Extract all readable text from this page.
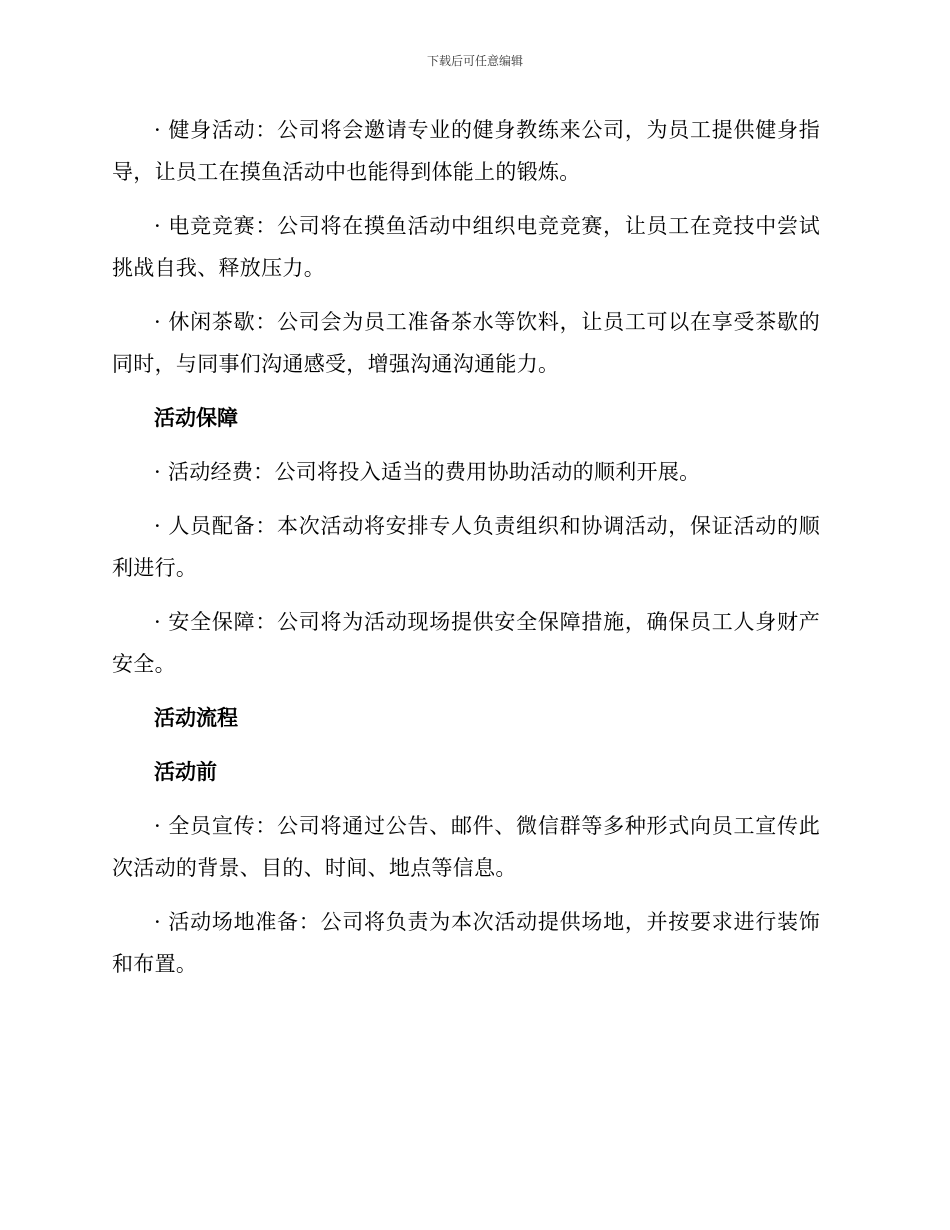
下载后可任意编辑

· 健身活动：公司将会邀请专业的健身教练来公司，为员工提供健身指导，让员工在摸鱼活动中也能得到体能上的锻炼。

· 电竞竞赛：公司将在摸鱼活动中组织电竞竞赛，让员工在竞技中尝试挑战自我、释放压力。

· 休闲茶歇：公司会为员工准备茶水等饮料，让员工可以在享受茶歇的同时，与同事们沟通感受，增强沟通沟通能力。

活动保障

· 活动经费：公司将投入适当的费用协助活动的顺利开展。

· 人员配备：本次活动将安排专人负责组织和协调活动，保证活动的顺利进行。

· 安全保障：公司将为活动现场提供安全保障措施，确保员工人身财产安全。

活动流程
活动前

· 全员宣传：公司将通过公告、邮件、微信群等多种形式向员工宣传此次活动的背景、目的、时间、地点等信息。

· 活动场地准备：公司将负责为本次活动提供场地，并按要求进行装饰和布置。
